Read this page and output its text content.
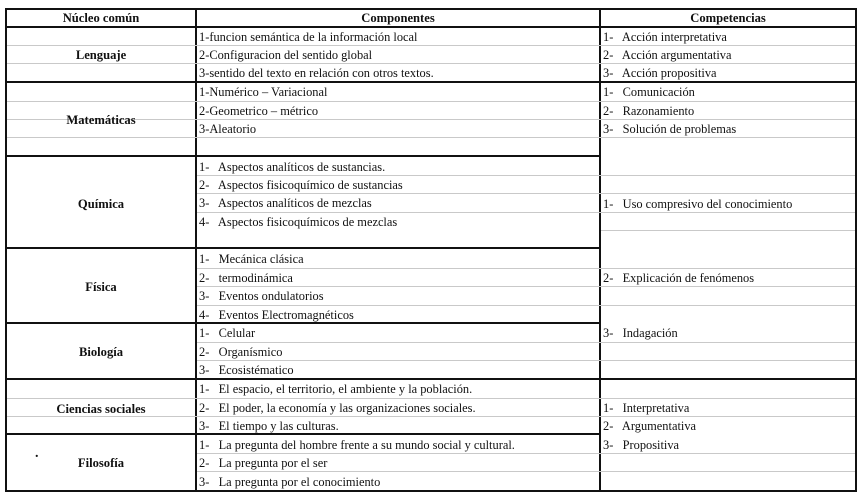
Núcleo común	Componentes	Competencias
Lenguaje
Matemáticas
Química
Física
Biología
Ciencias sociales
Filosofía
.
1-funcion semántica de la información local
2-Configuracion del sentido global
3-sentido del texto en relación con otros textos.
1-Numérico – Variacional
2-Geometrico – métrico
3-Aleatorio
1-   Aspectos analíticos de sustancias.
2-   Aspectos fisicoquímico de sustancias
3-   Aspectos analíticos de mezclas
4-   Aspectos fisicoquímicos de mezclas
1-   Mecánica clásica
2-   termodinámica
3-   Eventos ondulatorios
4-   Eventos Electromagnéticos
1-   Celular
2-   Organísmico
3-   Ecosistématico
1-   El espacio, el territorio, el ambiente y la población.
2-   El poder, la economía y las organizaciones sociales.
3-   El tiempo y las culturas.
1-   La pregunta del hombre frente a su mundo social y cultural.
2-   La pregunta por el ser
3-   La pregunta por el conocimiento
1-   Acción interpretativa
2-   Acción argumentativa
3-   Acción propositiva
1-   Comunicación
2-   Razonamiento
3-   Solución de problemas
1-   Uso compresivo del conocimiento
2-   Explicación de fenómenos
3-   Indagación
1-   Interpretativa
2-   Argumentativa
3-   Propositiva
